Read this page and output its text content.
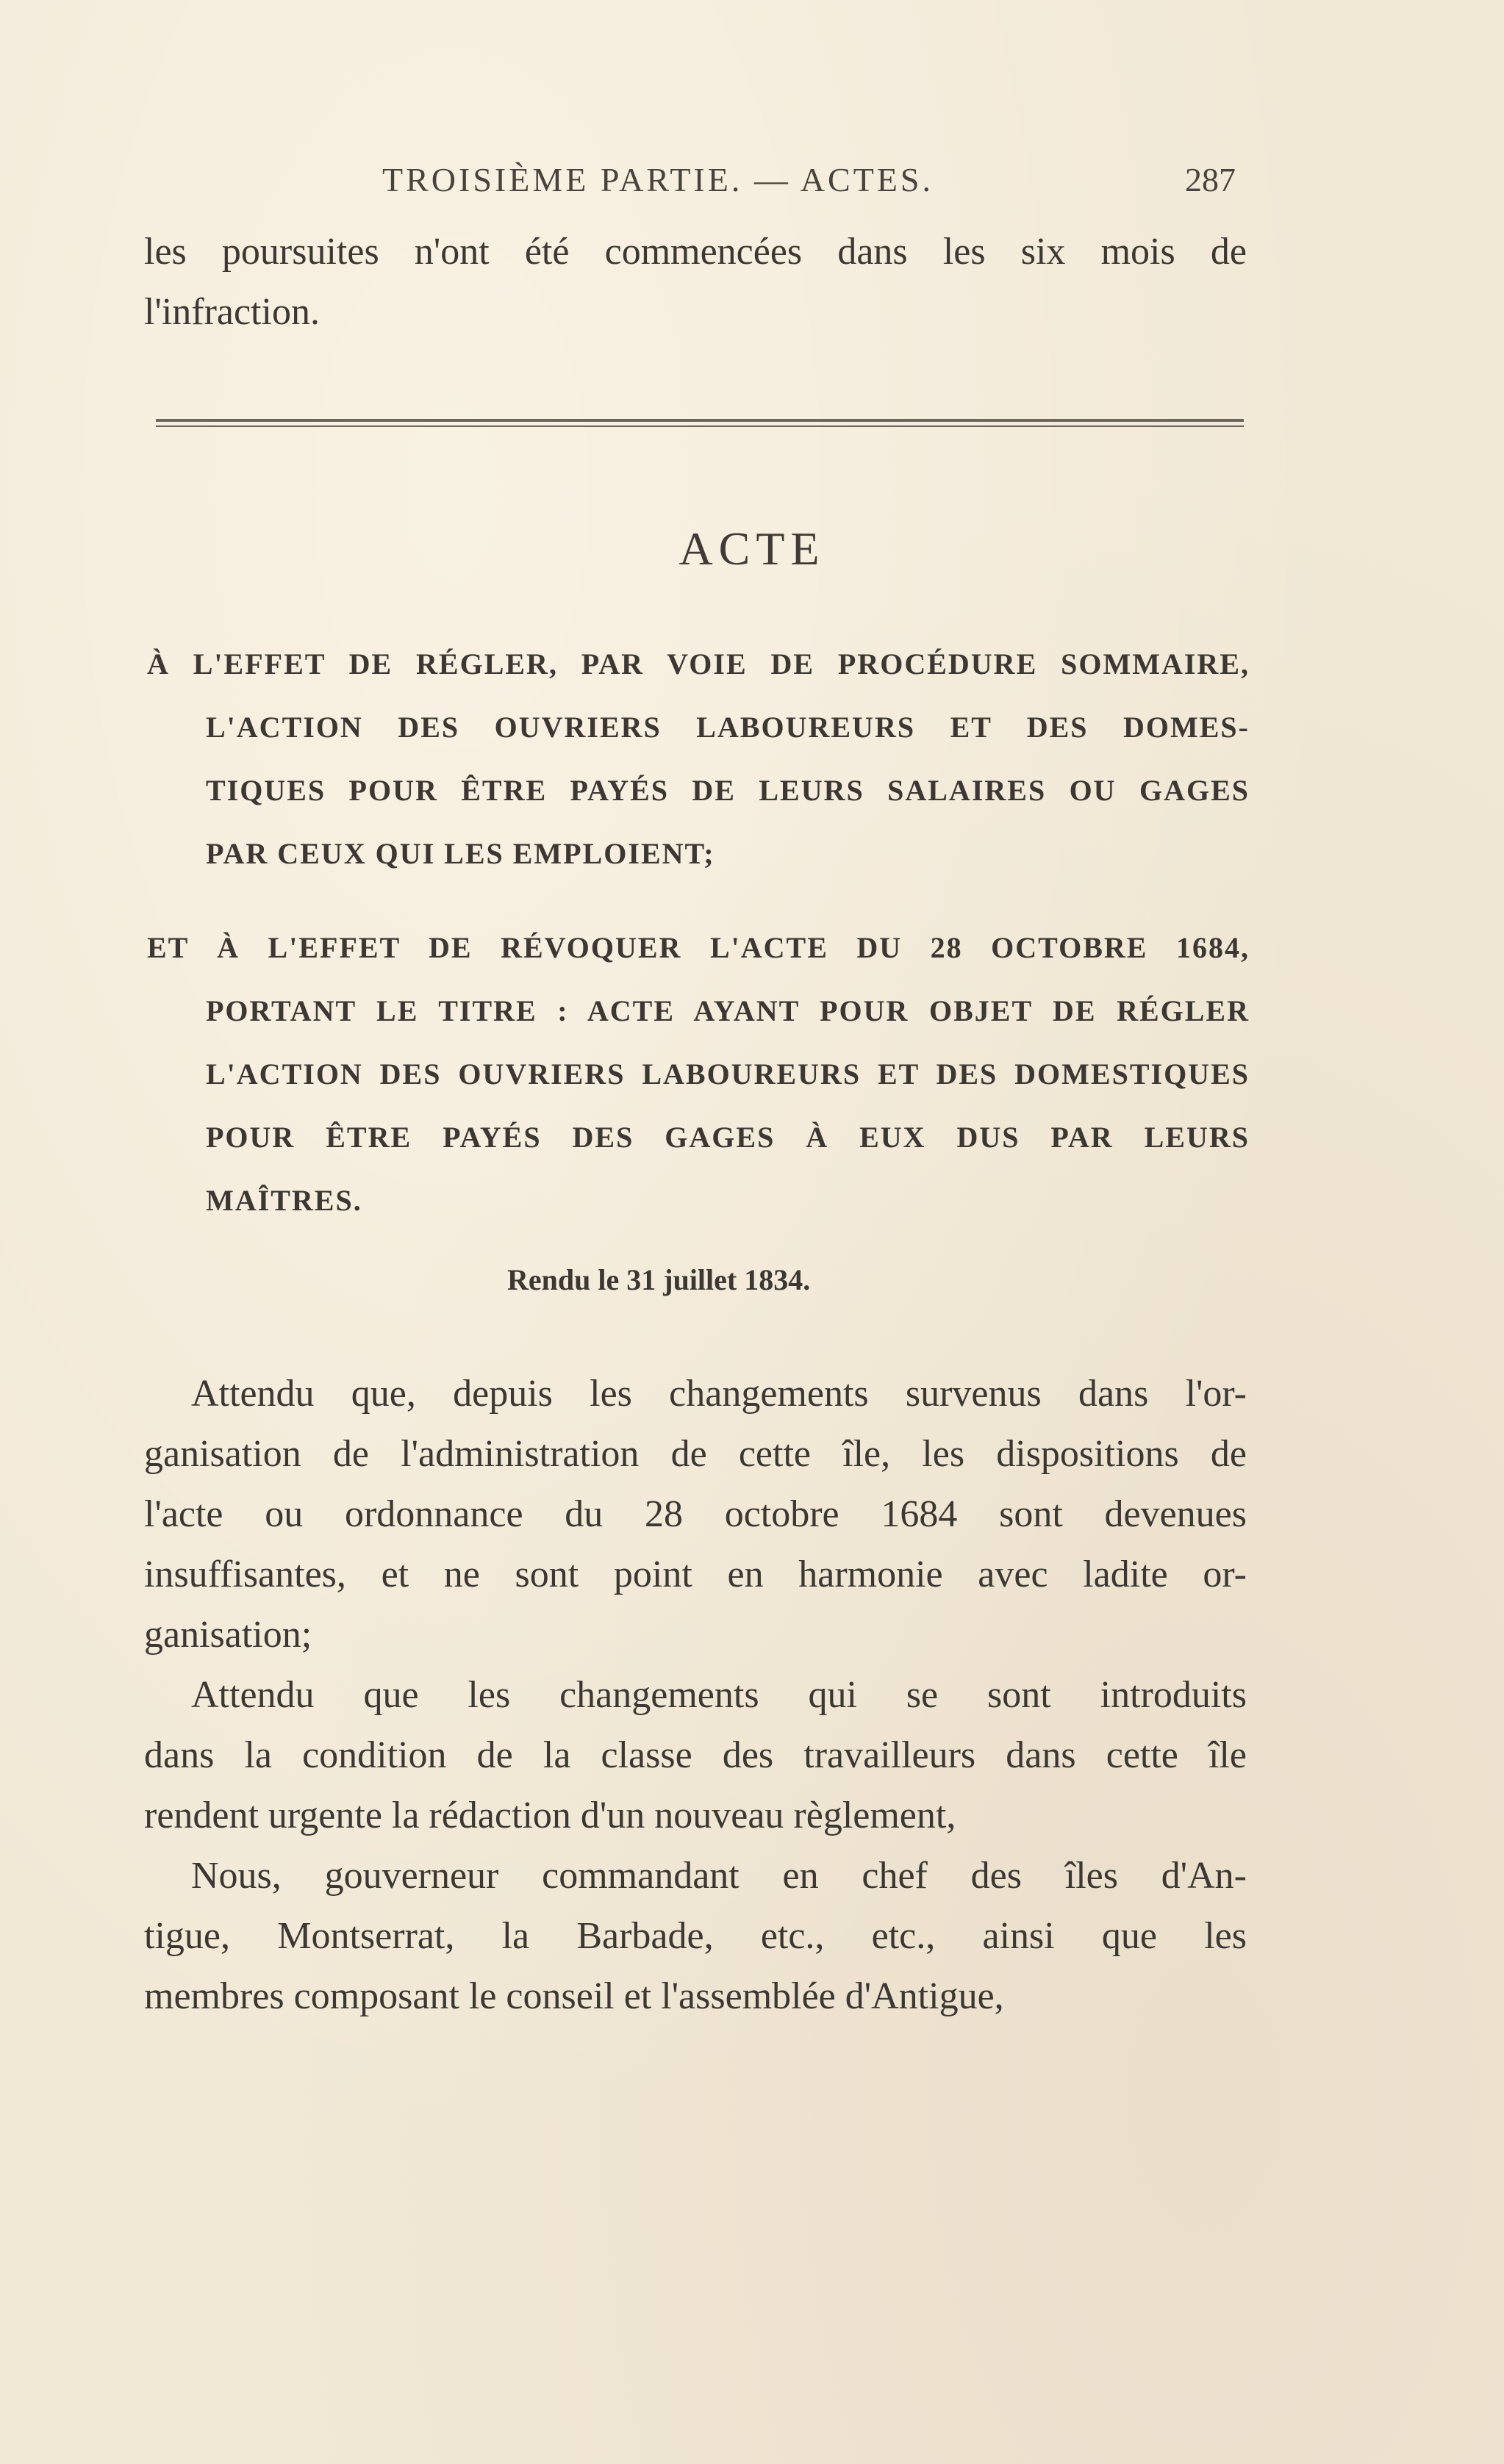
TROISIÈME PARTIE. — ACTES.	287
les poursuites n'ont été commencées dans les six mois de
l'infraction.
ACTE
À L'EFFET DE RÉGLER, PAR VOIE DE PROCÉDURE SOMMAIRE,
L'ACTION DES OUVRIERS LABOUREURS ET DES DOMES-
TIQUES POUR ÊTRE PAYÉS DE LEURS SALAIRES OU GAGES
PAR CEUX QUI LES EMPLOIENT;
ET À L'EFFET DE RÉVOQUER L'ACTE DU 28 OCTOBRE 1684,
PORTANT LE TITRE : ACTE AYANT POUR OBJET DE RÉGLER
L'ACTION DES OUVRIERS LABOUREURS ET DES DOMESTIQUES
POUR ÊTRE PAYÉS DES GAGES À EUX DUS PAR LEURS
MAÎTRES.
Rendu le 31 juillet 1834.
Attendu que, depuis les changements survenus dans l'or-
ganisation de l'administration de cette île, les dispositions de
l'acte ou ordonnance du 28 octobre 1684 sont devenues
insuffisantes, et ne sont point en harmonie avec ladite or-
ganisation;
Attendu que les changements qui se sont introduits
dans la condition de la classe des travailleurs dans cette île
rendent urgente la rédaction d'un nouveau règlement,
Nous, gouverneur commandant en chef des îles d'An-
tigue, Montserrat, la Barbade, etc., etc., ainsi que les
membres composant le conseil et l'assemblée d'Antigue,
